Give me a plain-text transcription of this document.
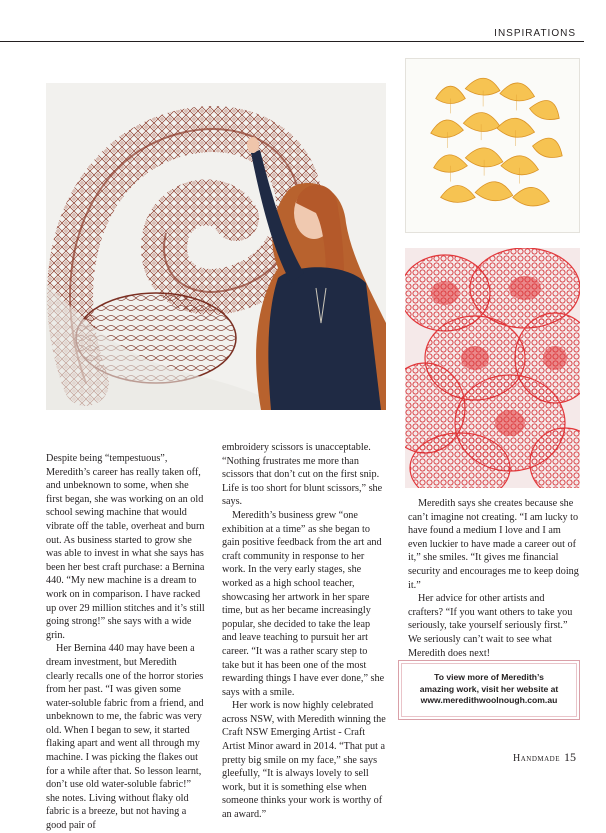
INSPIRATIONS

Despite being “tempestuous”, Meredith’s career has really taken off, and unbeknown to some, when she first began, she was working on an old school sewing machine that would vibrate off the table, overheat and burn out. As business started to grow she was able to invest in what she says has been her best craft purchase: a Bernina 440. “My new machine is a dream to work on in comparison. I have racked up over 29 million stitches and it’s still going strong!” she says with a wide grin.

Her Bernina 440 may have been a dream investment, but Meredith clearly recalls one of the horror stories from her past. “I was given some water-soluble fabric from a friend, and unbeknown to me, the fabric was very old. When I began to sew, it started flaking apart and went all through my machine. I was picking the flakes out for a while after that. So lesson learnt, don’t use old water-soluble fabric!” she notes. Living without flaky old fabric is a breeze, but not having a good pair of

embroidery scissors is unacceptable. “Nothing frustrates me more than scissors that don’t cut on the first snip. Life is too short for blunt scissors,” she says.

Meredith’s business grew “one exhibition at a time” as she began to gain positive feedback from the art and craft community in response to her work. In the very early stages, she worked as a high school teacher, showcasing her artwork in her spare time, but as her became increasingly popular, she decided to take the leap and leave teaching to pursuit her art career. “It was a rather scary step to take but it has been one of the most rewarding things I have ever done,” she says with a smile.

Her work is now highly celebrated across NSW, with Meredith winning the Craft NSW Emerging Artist - Craft Artist Minor award in 2014. “That put a pretty big smile on my face,” she says gleefully, “It is always lovely to sell work, but it is something else when someone thinks your work is worthy of an award.”

Meredith says she creates because she can’t imagine not creating. “I am lucky to have found a medium I love and I am even luckier to have made a career out of it,” she smiles. “It gives me financial security and encourages me to keep doing it.”

Her advice for other artists and crafters? “If you want others to take you seriously, take yourself seriously first.” We seriously can’t wait to see what Meredith does next!

To view more of Meredith’s
amazing work, visit her website at
www.meredithwoolnough.com.au
Handmade 15
